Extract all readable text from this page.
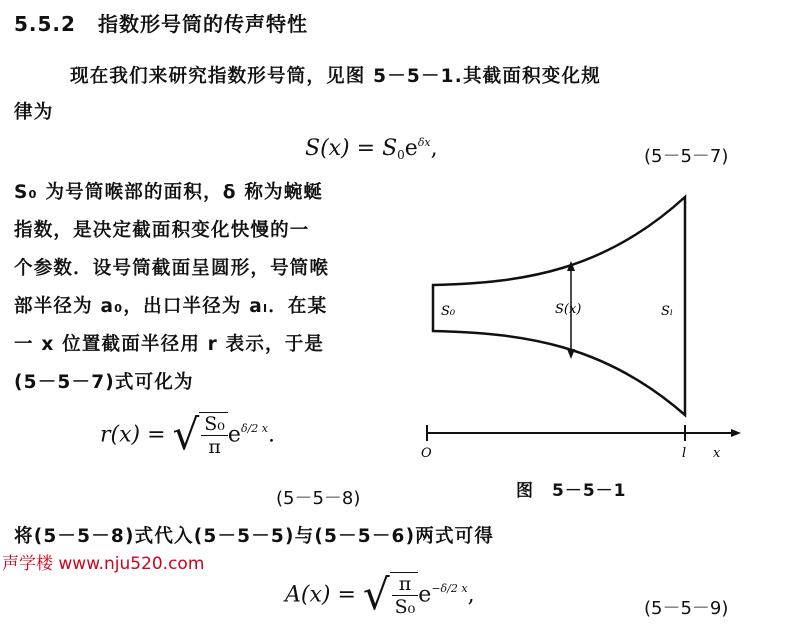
5.5.2 指数形号筒的传声特性
现在我们来研究指数形号筒，见图 5－5－1.其截面积变化规
律为
$S(x) = S_0e^{\delta x}$,	(5－5－7)
S₀ 为号筒喉部的面积，δ 称为蜿蜒
指数，是决定截面积变化快慢的一
个参数．设号筒截面呈圆形，号筒喉
部半径为 a₀，出口半径为 aₗ．在某
一 x 位置截面半径用 r 表示，于是
(5－5－7)式可化为
r(x) = √ $\frac{\text{S₀}}{\pi} e^{\delta/2 x}$.
(5－5－8)
S₀	S(x)	Sₗ
O	l x
图　5－5－1
将(5－5－8)式代入(5－5－5)与(5－5－6)两式可得
声学楼 www.nju520.com
A(x) = √ $\frac{\pi}{\text{S₀}} e^{-\delta/2 x}$,
(5－5－9)
